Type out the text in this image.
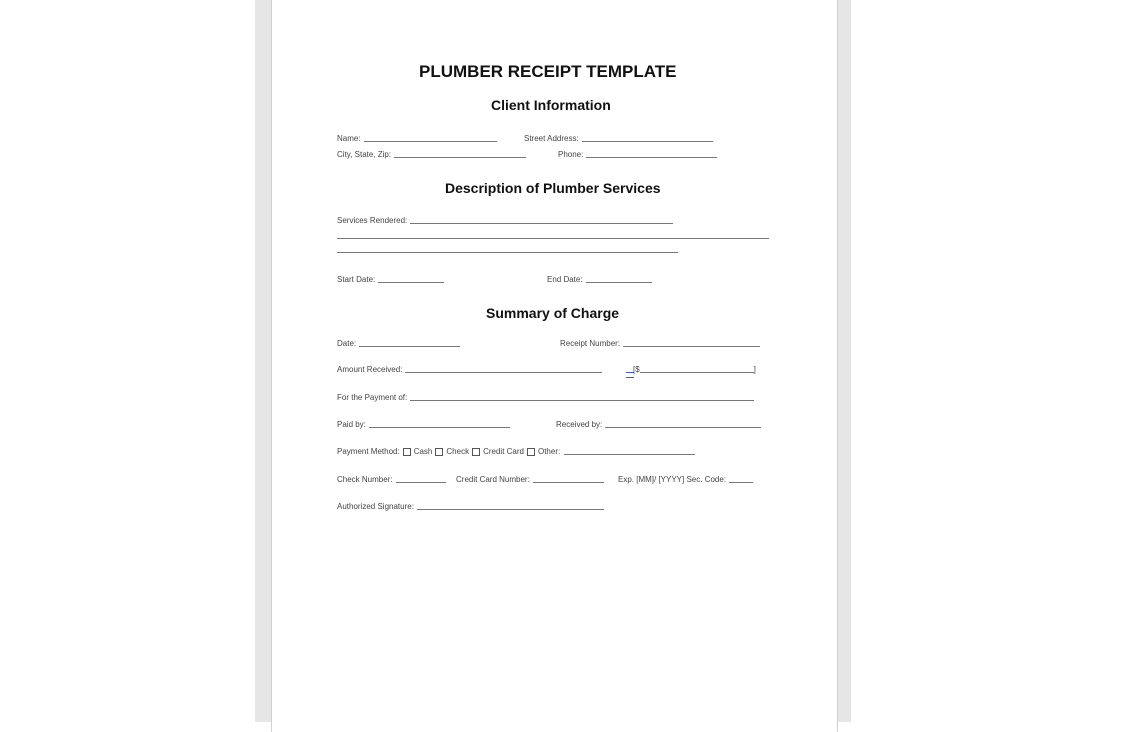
PLUMBER RECEIPT TEMPLATE
Client Information
Name:	Street Address:
City, State, Zip:	Phone:
Description of Plumber Services
Services Rendered:
Start Date:	End Date:
Summary of Charge
Date:	Receipt Number:
Amount Received:	[$	]
For the Payment of:
Paid by:	Received by:
Payment Method: Cash Check Credit Card Other:
Check Number:	Credit Card Number:	Exp. [MM]/ [YYYY] Sec. Code:
Authorized Signature:
